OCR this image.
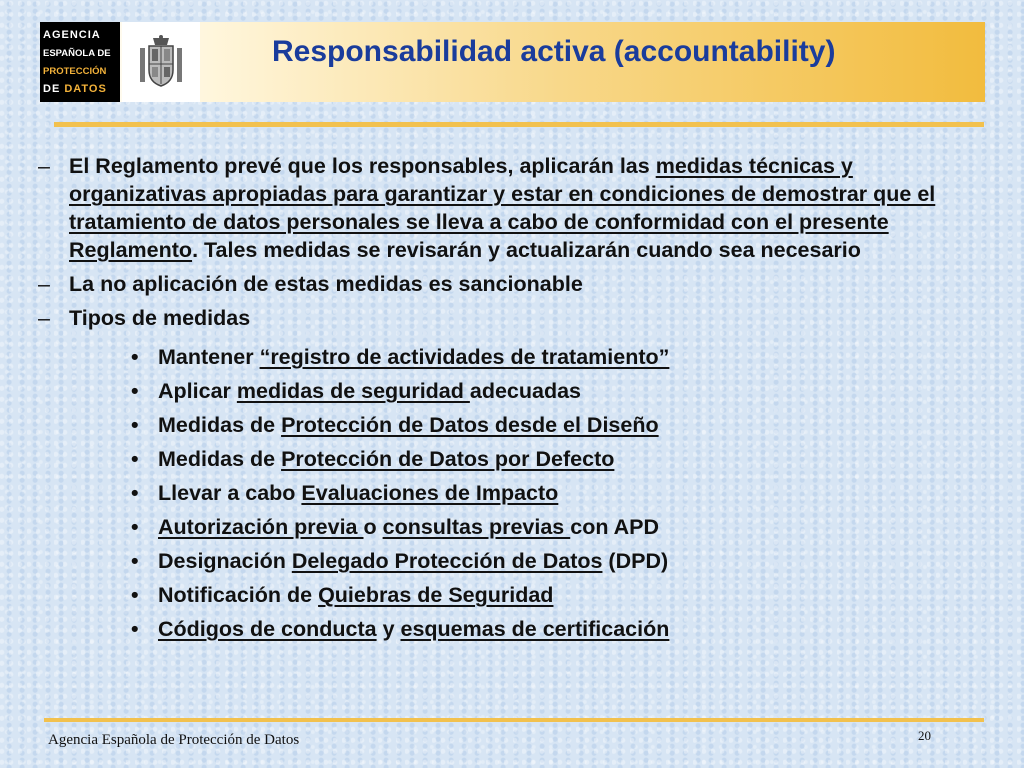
AGENCIA
ESPAÑOLA DE
PROTECCIÓN
DE DATOS
Responsabilidad activa (accountability)
– El Reglamento prevé que los responsables, aplicarán las medidas técnicas y organizativas apropiadas para garantizar y estar en condiciones de demostrar que el tratamiento de datos personales se lleva a cabo de conformidad con el presente Reglamento. Tales medidas se revisarán y actualizarán cuando sea necesario
– La no aplicación de estas medidas es sancionable
– Tipos de medidas
• Mantener “registro de actividades de tratamiento”
• Aplicar medidas de seguridad adecuadas
• Medidas de Protección de Datos desde el Diseño
• Medidas de Protección de Datos por Defecto
• Llevar a cabo Evaluaciones de Impacto
• Autorización previa o consultas previas con APD
• Designación Delegado Protección de Datos (DPD)
• Notificación de Quiebras de Seguridad
• Códigos de conducta y esquemas de certificación
Agencia Española de Protección de Datos	20
